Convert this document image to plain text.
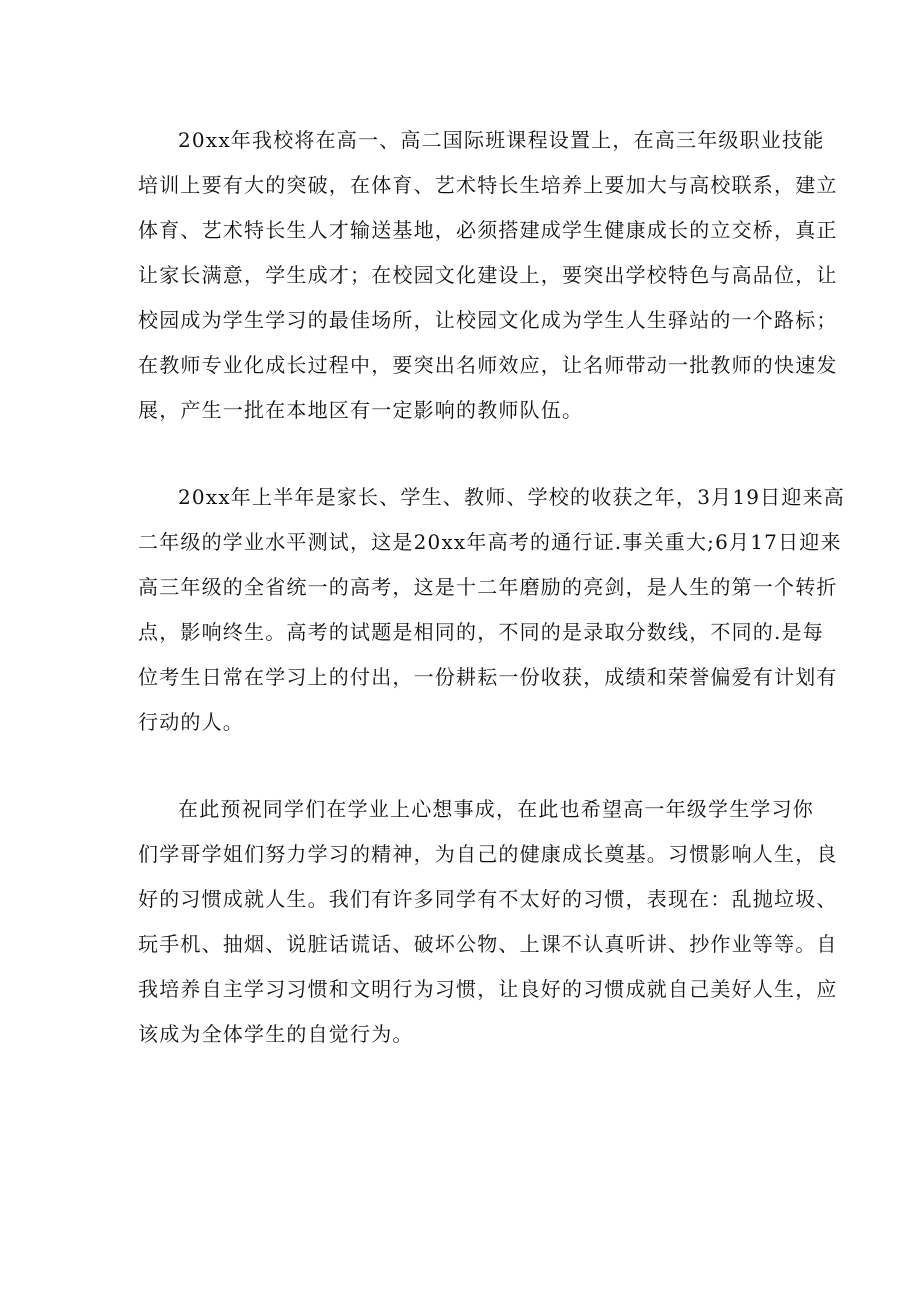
20xx年我校将在高一、高二国际班课程设置上，在高三年级职业技能
培训上要有大的突破，在体育、艺术特长生培养上要加大与高校联系，建立
体育、艺术特长生人才输送基地，必须搭建成学生健康成长的立交桥，真正
让家长满意，学生成才；在校园文化建设上，要突出学校特色与高品位，让
校园成为学生学习的最佳场所，让校园文化成为学生人生驿站的一个路标；
在教师专业化成长过程中，要突出名师效应，让名师带动一批教师的快速发
展，产生一批在本地区有一定影响的教师队伍。

20xx年上半年是家长、学生、教师、学校的收获之年，3月19日迎来高
二年级的学业水平测试，这是20xx年高考的通行证.事关重大;6月17日迎来
高三年级的全省统一的高考，这是十二年磨励的亮剑，是人生的第一个转折
点，影响终生。高考的试题是相同的，不同的是录取分数线，不同的.是每
位考生日常在学习上的付出，一份耕耘一份收获，成绩和荣誉偏爱有计划有
行动的人。

在此预祝同学们在学业上心想事成，在此也希望高一年级学生学习你
们学哥学姐们努力学习的精神，为自己的健康成长奠基。习惯影响人生，良
好的习惯成就人生。我们有许多同学有不太好的习惯，表现在：乱抛垃圾、
玩手机、抽烟、说脏话谎话、破坏公物、上课不认真听讲、抄作业等等。自
我培养自主学习习惯和文明行为习惯，让良好的习惯成就自己美好人生，应
该成为全体学生的自觉行为。
